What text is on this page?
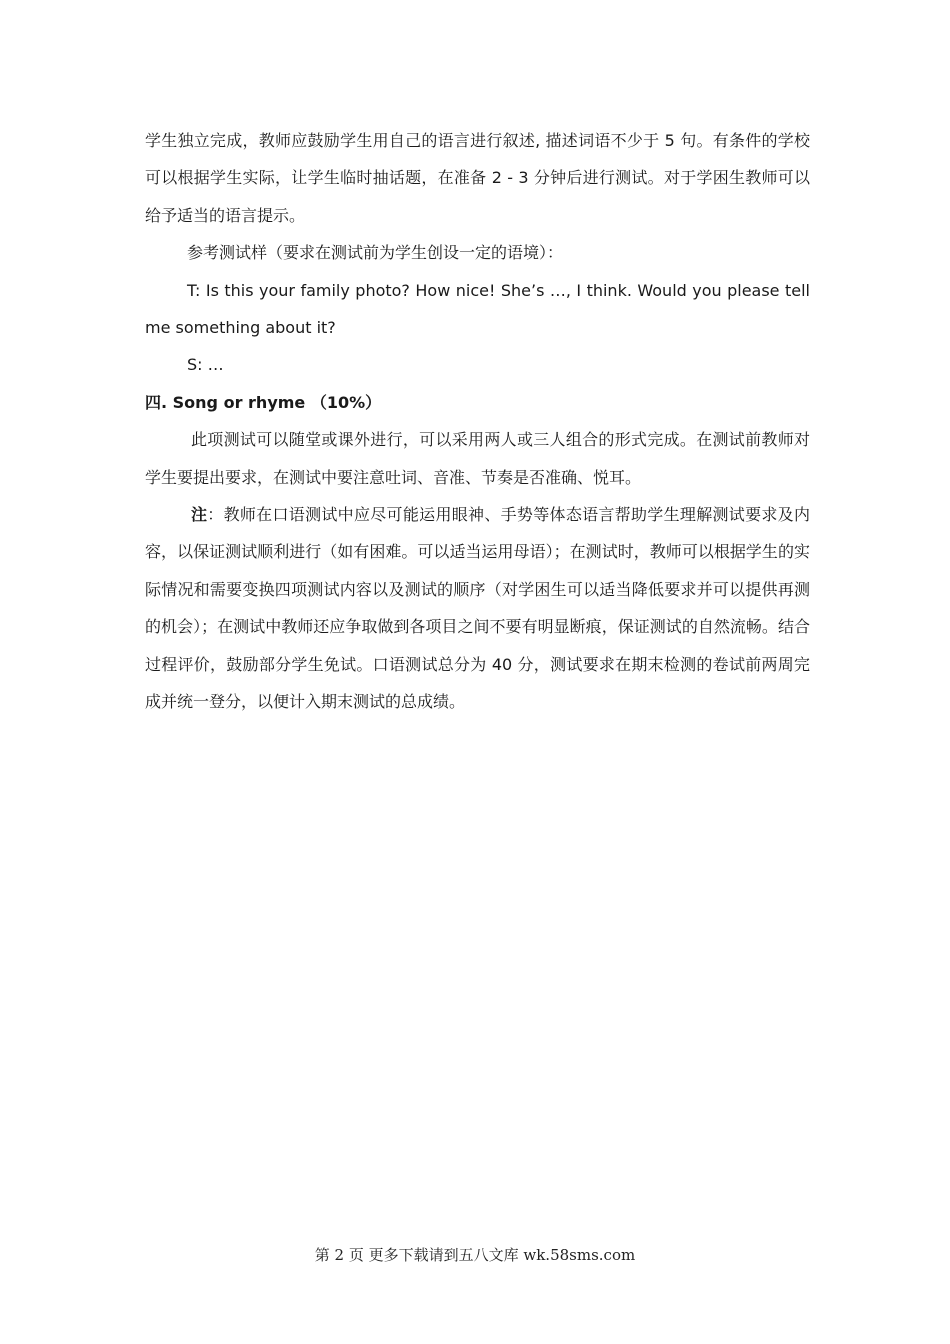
学生独立完成，教师应鼓励学生用自己的语言进行叙述, 描述词语不少于 5 句。有条件的学校可以根据学生实际，让学生临时抽话题，在准备 2 - 3 分钟后进行测试。对于学困生教师可以给予适当的语言提示。

参考测试样（要求在测试前为学生创设一定的语境）：

T: Is this your family photo? How nice! She’s …, I think. Would you please tell me something about it?

S: …

四. Song or rhyme （10%）

此项测试可以随堂或课外进行，可以采用两人或三人组合的形式完成。在测试前教师对学生要提出要求，在测试中要注意吐词、音准、节奏是否准确、悦耳。

注：教师在口语测试中应尽可能运用眼神、手势等体态语言帮助学生理解测试要求及内容，以保证测试顺利进行（如有困难。可以适当运用母语）；在测试时，教师可以根据学生的实际情况和需要变换四项测试内容以及测试的顺序（对学困生可以适当降低要求并可以提供再测的机会）；在测试中教师还应争取做到各项目之间不要有明显断痕，保证测试的自然流畅。结合过程评价，鼓励部分学生免试。口语测试总分为 40 分，测试要求在期末检测的卷试前两周完成并统一登分，以便计入期末测试的总成绩。

第 2 页 更多下载请到五八文库 wk.58sms.com
